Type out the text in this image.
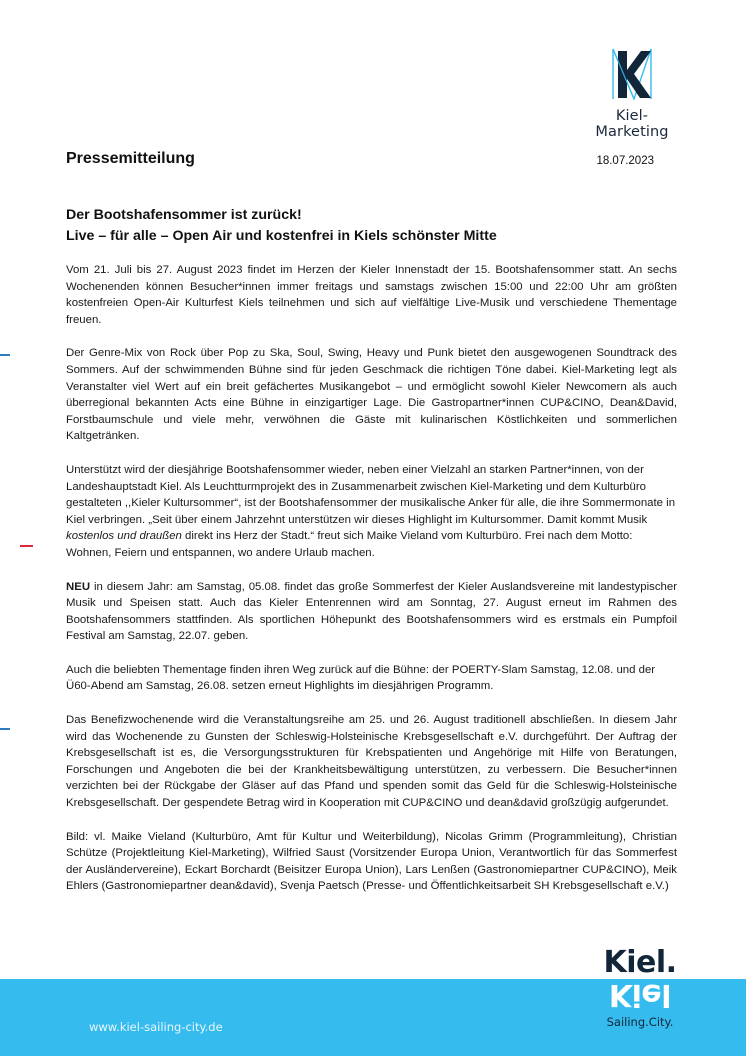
Kiel-Marketing
Pressemitteilung	18.07.2023
Der Bootshafensommer ist zurück!
Live – für alle – Open Air und kostenfrei in Kiels schönster Mitte

Vom 21. Juli bis 27. August 2023 findet im Herzen der Kieler Innenstadt der 15. Bootshafensommer statt. An sechs Wochenenden können Besucher*innen immer freitags und samstags zwischen 15:00 und 22:00 Uhr am größten kostenfreien Open-Air Kulturfest Kiels teilnehmen und sich auf vielfältige Live-Musik und verschiedene Thementage freuen.

Der Genre-Mix von Rock über Pop zu Ska, Soul, Swing, Heavy und Punk bietet den ausgewogenen Soundtrack des Sommers. Auf der schwimmenden Bühne sind für jeden Geschmack die richtigen Töne dabei. Kiel-Marketing legt als Veranstalter viel Wert auf ein breit gefächertes Musikangebot – und ermöglicht sowohl Kieler Newcomern als auch überregional bekannten Acts eine Bühne in einzigartiger Lage. Die Gastropartner*innen CUP&CINO, Dean&David, Forstbaumschule und viele mehr, verwöhnen die Gäste mit kulinarischen Köstlichkeiten und sommerlichen Kaltgetränken.

Unterstützt wird der diesjährige Bootshafensommer wieder, neben einer Vielzahl an starken Partner*innen, von der Landeshauptstadt Kiel. Als Leuchtturmprojekt des in Zusammenarbeit zwischen Kiel-Marketing und dem Kulturbüro gestalteten ,,Kieler Kultursommer“, ist der Bootshafensommer der musikalische Anker für alle, die ihre Sommermonate in Kiel verbringen. „Seit über einem Jahrzehnt unterstützen wir dieses Highlight im Kultursommer. Damit kommt Musik kostenlos und draußen direkt ins Herz der Stadt.“ freut sich Maike Vieland vom Kulturbüro. Frei nach dem Motto: Wohnen, Feiern und entspannen, wo andere Urlaub machen.

NEU in diesem Jahr: am Samstag, 05.08. findet das große Sommerfest der Kieler Auslandsvereine mit landestypischer Musik und Speisen statt. Auch das Kieler Entenrennen wird am Sonntag, 27. August erneut im Rahmen des Bootshafensommers stattfinden. Als sportlichen Höhepunkt des Bootshafensommers wird es erstmals ein Pumpfoil Festival am Samstag, 22.07. geben.

Auch die beliebten Thementage finden ihren Weg zurück auf die Bühne: der POERTY-Slam Samstag, 12.08. und der Ü60-Abend am Samstag, 26.08. setzen erneut Highlights im diesjährigen Programm.

Das Benefizwochenende wird die Veranstaltungsreihe am 25. und 26. August traditionell abschließen. In diesem Jahr wird das Wochenende zu Gunsten der Schleswig-Holsteinische Krebsgesellschaft e.V. durchgeführt. Der Auftrag der Krebsgesellschaft ist es, die Versorgungsstrukturen für Krebspatienten und Angehörige mit Hilfe von Beratungen, Forschungen und Angeboten die bei der Krankheitsbewältigung unterstützen, zu verbessern. Die Besucher*innen verzichten bei der Rückgabe der Gläser auf das Pfand und spenden somit das Geld für die Schleswig-Holsteinische Krebsgesellschaft. Der gespendete Betrag wird in Kooperation mit CUP&CINO und dean&david großzügig aufgerundet.

Bild: vl. Maike Vieland (Kulturbüro, Amt für Kultur und Weiterbildung), Nicolas Grimm (Programmleitung), Christian Schütze (Projektleitung Kiel-Marketing), Wilfried Saust (Vorsitzender Europa Union, Verantwortlich für das Sommerfest der Ausländervereine), Eckart Borchardt (Beisitzer Europa Union), Lars Lenßen (Gastronomiepartner CUP&CINO), Meik Ehlers (Gastronomiepartner dean&david), Svenja Paetsch (Presse- und Öffentlichkeitsarbeit SH Krebsgesellschaft e.V.)

www.kiel-sailing-city.de
Kiel.
Kiel
Sailing.City.
